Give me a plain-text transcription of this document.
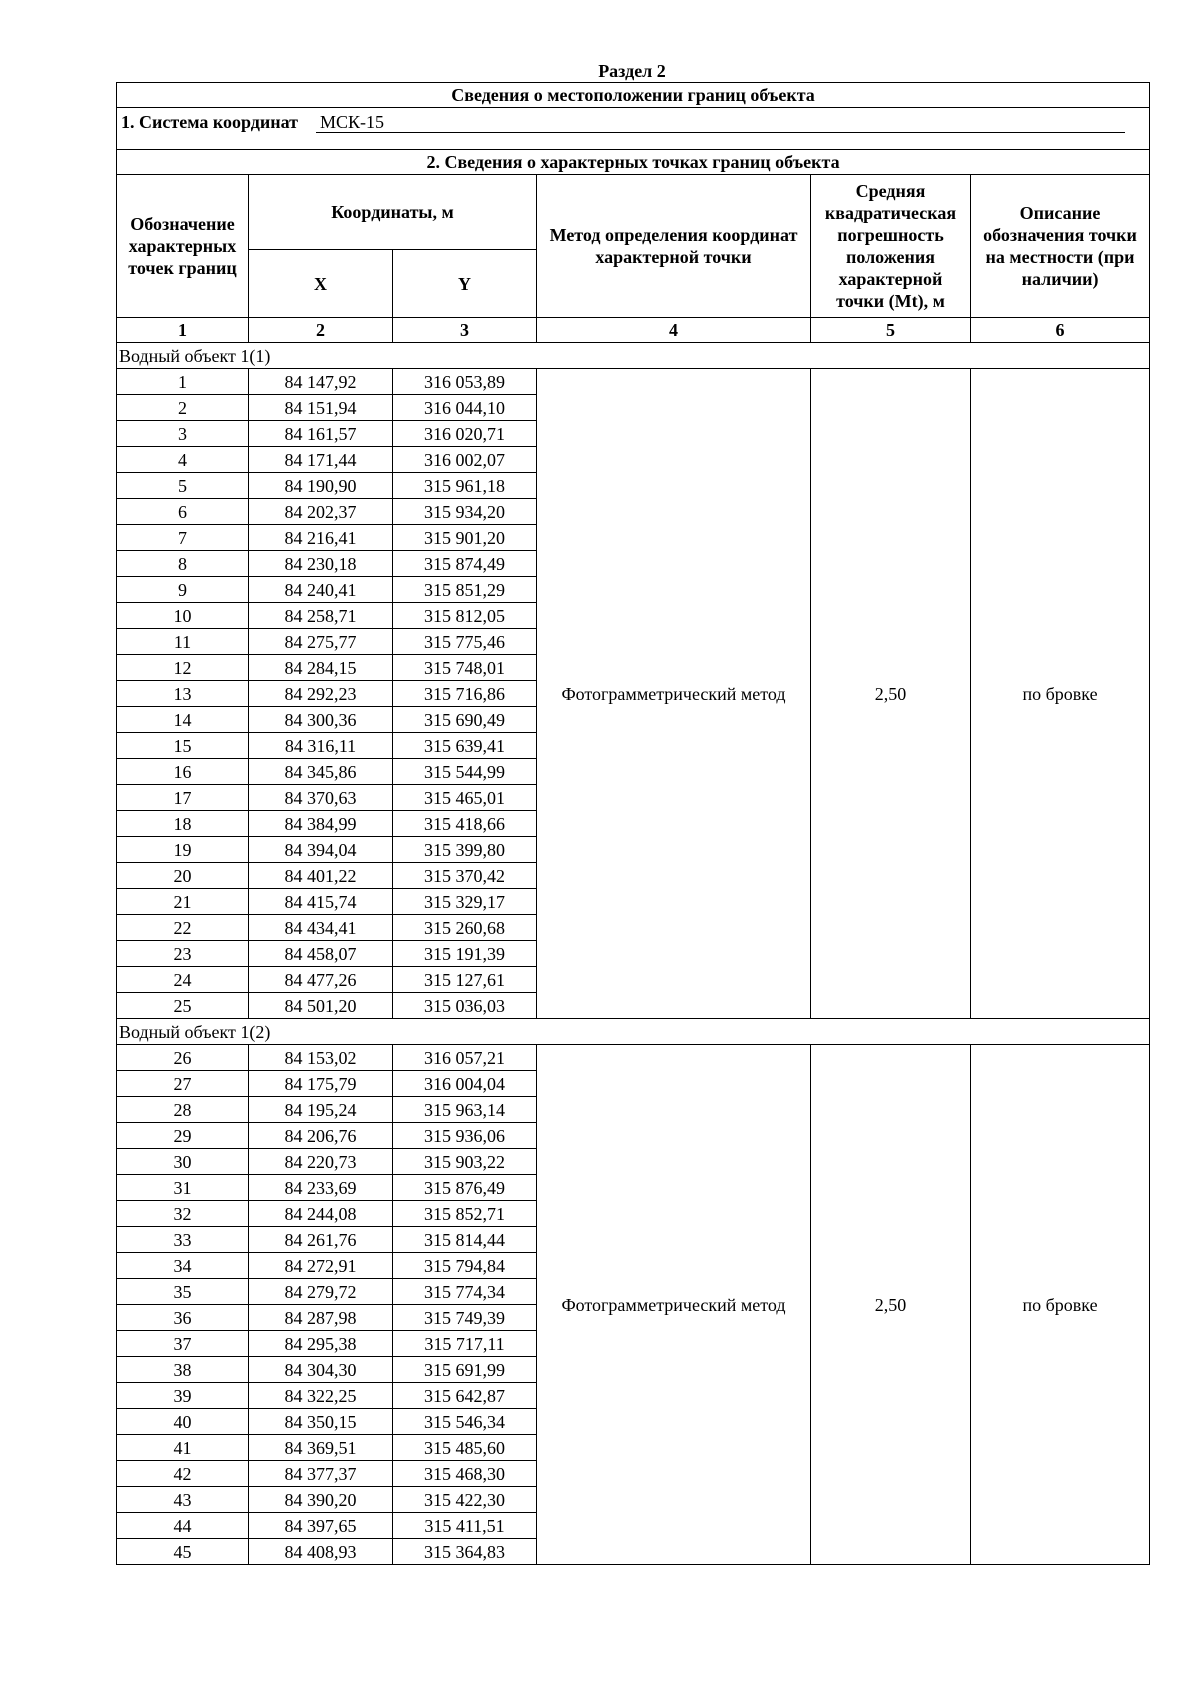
Раздел 2
Сведения о местоположении границ объекта					
1. Система координат МСК-15					
2. Сведения о характерных точках границ объекта					
Обозначение характерных точек границ	Координаты, м		Метод определения координат характерной точки	Средняя квадратическая погрешность положения характерной точки (Mt), м	Описание обозначения точки на местности (при наличии)
	X	Y			
1	2	3	4	5	6
Водный объект 1(1)					
1	84 147,92	316 053,89	Фотограмметрический метод	2,50	по бровке
2	84 151,94	316 044,10			
3	84 161,57	316 020,71			
4	84 171,44	316 002,07			
5	84 190,90	315 961,18			
6	84 202,37	315 934,20			
7	84 216,41	315 901,20			
8	84 230,18	315 874,49			
9	84 240,41	315 851,29			
10	84 258,71	315 812,05			
11	84 275,77	315 775,46			
12	84 284,15	315 748,01			
13	84 292,23	315 716,86			
14	84 300,36	315 690,49			
15	84 316,11	315 639,41			
16	84 345,86	315 544,99			
17	84 370,63	315 465,01			
18	84 384,99	315 418,66			
19	84 394,04	315 399,80			
20	84 401,22	315 370,42			
21	84 415,74	315 329,17			
22	84 434,41	315 260,68			
23	84 458,07	315 191,39			
24	84 477,26	315 127,61			
25	84 501,20	315 036,03			
Водный объект 1(2)					
26	84 153,02	316 057,21	Фотограмметрический метод	2,50	по бровке
27	84 175,79	316 004,04			
28	84 195,24	315 963,14			
29	84 206,76	315 936,06			
30	84 220,73	315 903,22			
31	84 233,69	315 876,49			
32	84 244,08	315 852,71			
33	84 261,76	315 814,44			
34	84 272,91	315 794,84			
35	84 279,72	315 774,34			
36	84 287,98	315 749,39			
37	84 295,38	315 717,11			
38	84 304,30	315 691,99			
39	84 322,25	315 642,87			
40	84 350,15	315 546,34			
41	84 369,51	315 485,60			
42	84 377,37	315 468,30			
43	84 390,20	315 422,30			
44	84 397,65	315 411,51			
45	84 408,93	315 364,83			
